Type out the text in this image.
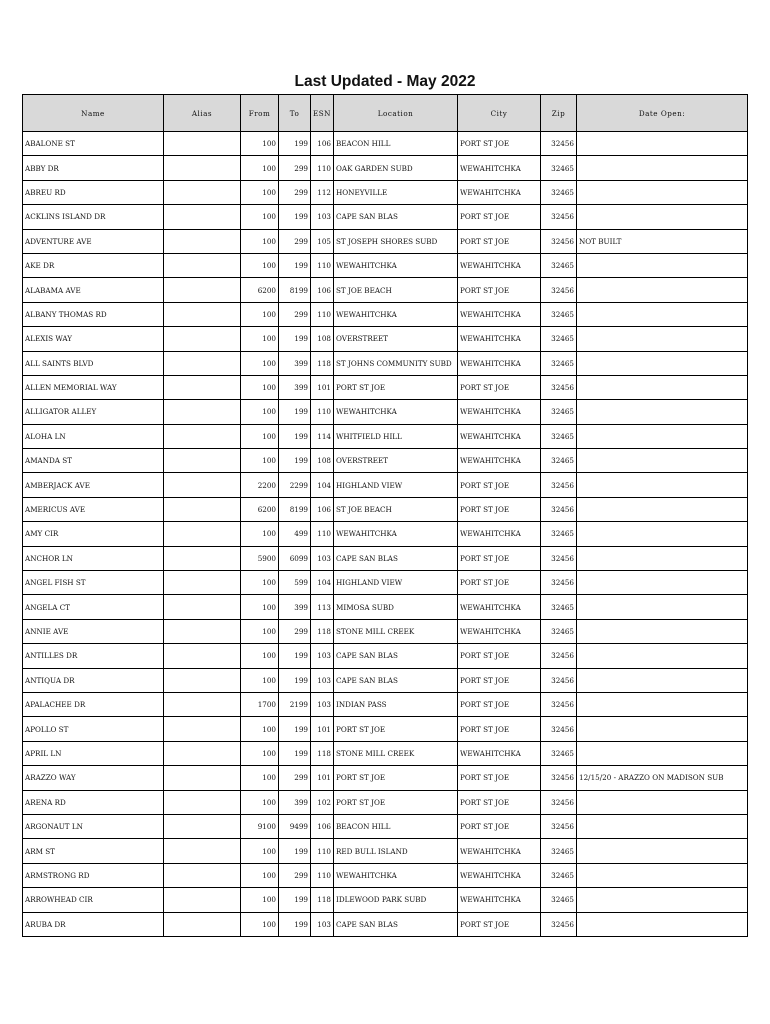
Last Updated - May 2022
Name	Alias	From	To	ESN	Location	City	Zip	Date Open:
ABALONE ST		100	199	106	BEACON HILL	PORT ST JOE	32456	
ABBY DR		100	299	110	OAK GARDEN SUBD	WEWAHITCHKA	32465	
ABREU RD		100	299	112	HONEYVILLE	WEWAHITCHKA	32465	
ACKLINS ISLAND DR		100	199	103	CAPE SAN BLAS	PORT ST JOE	32456	
ADVENTURE AVE		100	299	105	ST JOSEPH SHORES SUBD	PORT ST JOE	32456	NOT BUILT
AKE DR		100	199	110	WEWAHITCHKA	WEWAHITCHKA	32465	
ALABAMA AVE		6200	8199	106	ST JOE BEACH	PORT ST JOE	32456	
ALBANY THOMAS RD		100	299	110	WEWAHITCHKA	WEWAHITCHKA	32465	
ALEXIS WAY		100	199	108	OVERSTREET	WEWAHITCHKA	32465	
ALL SAINTS BLVD		100	399	118	ST JOHNS COMMUNITY SUBD	WEWAHITCHKA	32465	
ALLEN MEMORIAL WAY		100	399	101	PORT ST JOE	PORT ST JOE	32456	
ALLIGATOR ALLEY		100	199	110	WEWAHITCHKA	WEWAHITCHKA	32465	
ALOHA LN		100	199	114	WHITFIELD HILL	WEWAHITCHKA	32465	
AMANDA ST		100	199	108	OVERSTREET	WEWAHITCHKA	32465	
AMBERJACK AVE		2200	2299	104	HIGHLAND VIEW	PORT ST JOE	32456	
AMERICUS AVE		6200	8199	106	ST JOE BEACH	PORT ST JOE	32456	
AMY CIR		100	499	110	WEWAHITCHKA	WEWAHITCHKA	32465	
ANCHOR LN		5900	6099	103	CAPE SAN BLAS	PORT ST JOE	32456	
ANGEL FISH ST		100	599	104	HIGHLAND VIEW	PORT ST JOE	32456	
ANGELA CT		100	399	113	MIMOSA SUBD	WEWAHITCHKA	32465	
ANNIE AVE		100	299	118	STONE MILL CREEK	WEWAHITCHKA	32465	
ANTILLES DR		100	199	103	CAPE SAN BLAS	PORT ST JOE	32456	
ANTIQUA DR		100	199	103	CAPE SAN BLAS	PORT ST JOE	32456	
APALACHEE DR		1700	2199	103	INDIAN PASS	PORT ST JOE	32456	
APOLLO ST		100	199	101	PORT ST JOE	PORT ST JOE	32456	
APRIL LN		100	199	118	STONE MILL CREEK	WEWAHITCHKA	32465	
ARAZZO WAY		100	299	101	PORT ST JOE	PORT ST JOE	32456	12/15/20 - ARAZZO ON MADISON SUB
ARENA RD		100	399	102	PORT ST JOE	PORT ST JOE	32456	
ARGONAUT LN		9100	9499	106	BEACON HILL	PORT ST JOE	32456	
ARM ST		100	199	110	RED BULL ISLAND	WEWAHITCHKA	32465	
ARMSTRONG RD		100	299	110	WEWAHITCHKA	WEWAHITCHKA	32465	
ARROWHEAD CIR		100	199	118	IDLEWOOD PARK SUBD	WEWAHITCHKA	32465	
ARUBA DR		100	199	103	CAPE SAN BLAS	PORT ST JOE	32456	
